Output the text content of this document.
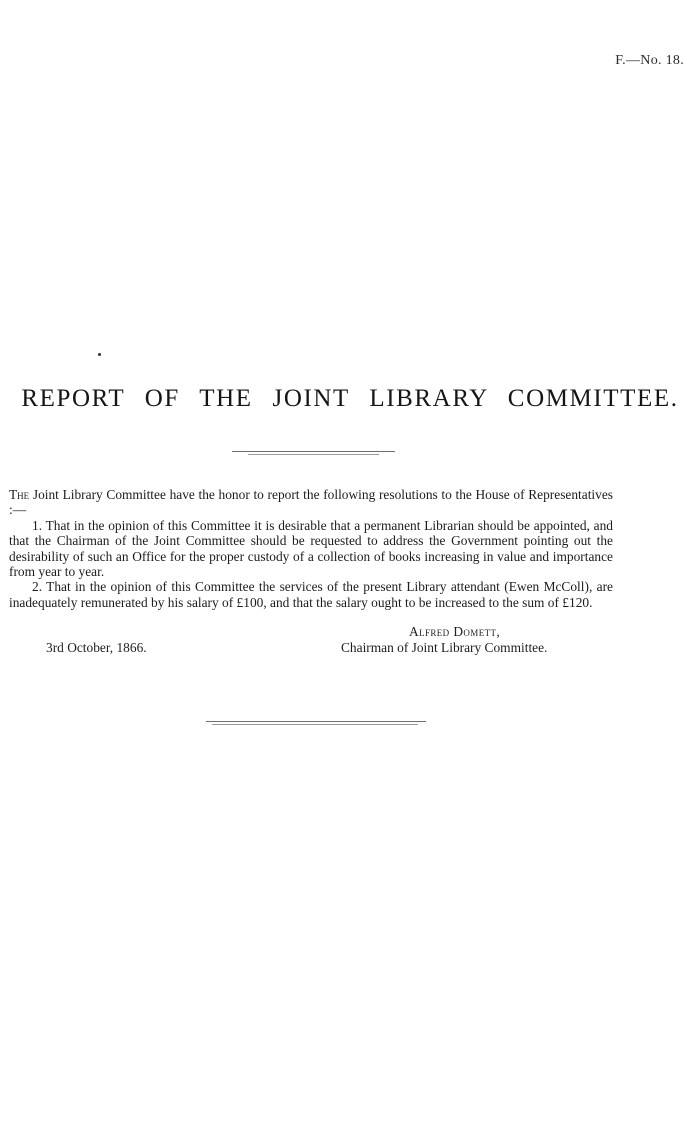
F.—No. 18.
REPORT OF THE JOINT LIBRARY COMMITTEE.

The Joint Library Committee have the honor to report the following resolutions to the House of Representatives :—

1. That in the opinion of this Committee it is desirable that a permanent Librarian should be appointed, and that the Chairman of the Joint Committee should be requested to address the Government pointing out the desirability of such an Office for the proper custody of a collection of books increasing in value and importance from year to year.

2. That in the opinion of this Committee the services of the present Library attendant (Ewen McColl), are inadequately remunerated by his salary of £100, and that the salary ought to be increased to the sum of £120.

Alfred Domett,
3rd October, 1866.	Chairman of Joint Library Committee.
